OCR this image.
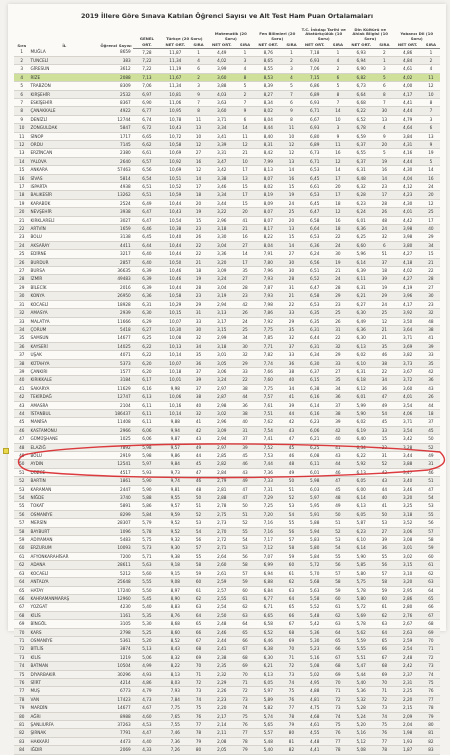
2019 İllere Göre Sınava Katılan Öğrenci Sayısı ve Alt Test Ham Puan Ortalamaları
Sıra	İL	Öğrenci Sayısı	GENEL	Türkçe (20 Soru)		Matematik (20 Soru)		Fen Bilimleri (20 Soru)		T.C. İnkılap Tarihi ve Atatürkçülük (10 Soru)		Din Kültürü ve Ahlak Bilgisi (10 Soru)		Yabancı Dil (10 Soru)	
			ORT.	NET ORT.	SIRA	NET ORT.	SIRA	NET ORT.	SIRA	NET ORT.	SIRA	NET ORT.	SIRA	NET ORT.	SIRA
1	MUĞLA	8659	7,28	11,87	1	4,49	1	8,76	1	7,18	1	6,93	2	4,86	1
2	TUNCELİ	383	7,22	11,34	4	4,02	3	8,65	2	6,93	4	6,94	1	4,84	2
3	GİRESUN	3612	7,22	11,19	6	3,99	4	8,55	3	7,06	2	6,90	3	4,61	4
4	RİZE	2088	7,13	11,67	2	3,60	8	8,53	4	7,15	6	6,82	5	4,02	11
5	TRABZON	8309	7,06	11,34	3	3,88	5	8,39	5	6,86	5	6,73	6	4,00	12
6	KIRŞEHİR	2532	6,97	10,81	9	4,03	2	8,27	7	6,89	8	6,64	8	4,17	10
7	ESKİŞEHİR	8367	6,90	11,06	7	3,63	7	8,34	6	6,93	7	6,68	7	4,41	8
8	ÇANAKKALE	4922	6,77	10,95	8	3,60	9	8,02	9	6,71	14	6,22	30	4,44	7
9	DENİZLİ	12744	6,74	10,78	11	3,71	6	8,04	8	6,67	10	6,52	13	4,79	3
10	ZONGULDAK	5847	6,72	10,43	13	3,34	14	8,44	11	6,93	3	6,78	4	4,64	6
11	SİNOP	1717	6,65	10,72	10	3,41	11	8,40	10	6,80	9	6,59	9	3,84	13
12	ORDU	7145	6,62	10,58	12	3,39	12	8,31	12	6,89	11	6,37	20	4,31	9
13	ERZİNCAN	2380	6,61	10,69	27	3,31	21	8,42	12	6,73	16	6,55	5	4,16	19
14	YALOVA	2640	6,57	10,92	16	3,47	10	7,99	13	6,71	12	6,37	19	4,44	5
15	ANKARA	57463	6,56	10,69	12	3,42	17	8,13	14	6,53	14	6,31	16	4,30	14
16	SİVAS	5814	6,54	10,51	14	3,38	13	8,07	16	6,45	17	6,48	14	4,04	16
17	ISPARTA	4938	6,51	10,52	17	3,46	15	8,02	15	6,61	20	6,32	23	4,12	24
18	BALIKESİR	13262	6,51	10,59	18	3,34	17	8,19	19	6,53	17	6,28	17	4,23	20
19	KARABÜK	2524	6,49	10,44	20	3,44	15	8,09	24	6,45	18	6,23	28	4,30	12
20	NEVŞEHİR	3938	6,47	10,43	19	3,22	20	8,07	25	6,47	12	6,24	26	4,01	25
21	KIRKLARELİ	3027	6,47	10,54	15	2,96	41	8,07	20	6,58	16	6,01	48	4,42	17
22	ARTVİN	1659	6,46	10,38	23	3,18	21	8,17	13	6,64	18	6,36	24	3,98	40
23	BOLU	3138	6,45	10,40	26	3,30	16	8,22	15	6,53	22	6,25	32	3,98	29
24	AKSARAY	4411	6,44	10,44	22	3,04	27	8,04	14	6,36	24	6,60	6	3,80	34
25	EDİRNE	3217	6,40	10,44	22	3,36	14	7,91	27	6,24	30	5,96	51	4,27	15
26	BURDUR	2857	6,40	10,50	21	3,20	17	7,80	30	6,56	19	6,14	37	4,18	21
27	BURSA	36635	6,39	10,46	18	3,09	35	7,96	30	6,51	21	6,39	18	4,02	22
28	İZMİR	49483	6,39	10,46	19	3,24	27	7,93	28	6,52	24	6,11	39	4,27	28
29	BİLECİK	2016	6,39	10,44	28	3,04	28	7,87	31	6,47	28	6,31	19	4,19	27
30	KONYA	26950	6,36	10,58	23	3,19	23	7,93	21	6,58	29	6,21	29	3,96	30
31	KOCAELİ	18928	6,31	10,29	29	2,94	42	7,98	22	6,53	23	6,27	24	4,17	23
32	AMASYA	2939	6,30	10,15	31	3,13	26	7,86	33	6,35	25	6,30	25	3,92	32
33	MALATYA	11666	6,29	10,07	33	3,17	24	7,92	29	6,35	26	6,49	12	3,50	48
34	ÇORUM	5418	6,27	10,30	30	3,15	25	7,75	35	6,31	31	6,36	21	3,64	38
35	SAMSUN	14677	6,25	10,08	32	2,99	34	7,85	32	6,44	22	6,30	21	3,71	41
36	KAYSERİ	14025	6,22	10,13	34	3,18	30	7,71	37	6,31	32	6,13	35	3,69	39
37	UŞAK	4071	6,22	10,14	35	3,01	32	7,82	33	6,34	29	6,02	46	3,82	33
38	KÜTAHYA	5373	6,20	10,07	36	3,05	29	7,74	36	6,30	33	6,10	38	3,73	35
39	ÇANKIRI	1577	6,20	10,18	37	3,06	33	7,66	38	6,37	27	6,31	22	3,67	42
40	KIRIKKALE	3184	6,17	10,01	39	3,24	22	7,60	40	6,15	35	6,18	34	3,72	36
41	SAKARYA	11629	6,16	9,98	37	2,97	38	7,75	34	6,38	34	6,12	36	3,60	43
42	TEKİRDAĞ	12747	6,13	10,06	38	2,87	44	7,57	41	6,16	36	6,01	47	4,01	26
43	AMASRA	2104	6,11	10,16	40	2,98	36	7,61	39	6,14	37	5,99	49	3,54	44
44	İSTANBUL	186437	6,11	10,14	32	3,02	38	7,51	44	6,16	38	5,90	54	4,06	18
45	MANİSA	11408	6,11	9,88	41	2,96	40	7,62	42	6,23	39	6,02	45	3,71	37
46	KASTAMONU	2966	6,06	9,94	42	3,09	31	7,54	43	6,06	42	6,19	33	3,54	45
47	GÜMÜŞHANE	1025	6,06	9,87	43	2,94	37	7,41	47	6,21	40	6,40	15	3,42	50
48	ELAZIĞ	7892	5,98	9,57	49	2,97	39	7,52	45	6,25	41	6,34	22	3,28	52
49	BOLU	2919	5,98	9,86	44	2,85	45	7,53	46	6,08	43	6,22	31	3,44	49
50	AYDIN	12541	5,97	9,84	45	2,82	46	7,44	48	6,11	44	5,92	52	3,88	31
51	DÜZCE	4517	5,93	9,73	47	2,84	43	7,36	49	6,01	46	6,13	42	3,47	46
52	BARTIN	1861	5,90	9,74	46	2,79	49	7,33	50	5,98	47	6,05	43	3,40	51
53	KARAMAN	2447	5,90	9,81	48	2,81	47	7,31	51	6,03	45	6,00	44	3,46	47
54	NİĞDE	3740	5,88	9,55	50	2,88	47	7,29	52	5,97	48	6,14	40	3,20	54
55	TOKAT	5891	5,86	9,57	51	2,78	50	7,25	53	5,95	49	6,13	41	3,25	53
56	OSMANİYE	8299	5,84	9,59	52	2,75	51	7,20	54	5,91	50	6,05	50	3,18	55
57	MERSİN	28307	5,79	9,52	53	2,73	52	7,16	55	5,88	51	5,87	53	3,52	56
58	BAYBURT	1096	5,78	9,52	54	2,70	55	7,16	56	5,94	52	6,23	27	3,06	57
59	ADIYAMAN	5483	5,75	9,32	56	2,72	54	7,17	57	5,83	53	6,10	39	3,08	58
60	ERZURUM	10093	5,73	9,30	57	2,71	53	7,12	58	5,80	54	6,14	36	3,01	59
61	AFYONKARAHİSAR	7200	5,71	9,38	55	2,64	56	7,07	59	5,84	55	5,90	55	3,02	60
62	ADANA	28611	5,63	9,18	58	2,60	58	6,99	60	5,72	56	5,85	56	3,15	61
63	KOCAELİ	5212	5,60	9,15	59	2,61	57	6,94	61	5,70	57	5,80	57	3,10	62
64	ANTALYA	25648	5,55	9,08	60	2,59	59	6,88	62	5,68	58	5,75	58	3,20	63
65	HATAY	17240	5,50	8,97	61	2,57	60	6,84	63	5,63	59	5,78	59	2,95	64
66	KAHRAMANMARAŞ	12960	5,45	8,90	62	2,55	61	6,77	64	5,58	60	5,80	60	2,86	65
67	YOZGAT	4230	5,40	8,83	63	2,54	62	6,71	65	5,52	61	5,72	61	2,80	66
68	KİLİS	1161	5,35	8,76	64	2,50	63	6,65	66	5,48	62	5,69	62	2,76	67
69	BİNGÖL	3105	5,30	8,68	65	2,48	64	6,58	67	5,42	63	5,78	63	2,67	68
70	KARS	2798	5,25	8,60	66	2,46	65	6,52	68	5,36	64	5,62	64	2,63	69
71	OSMANİYE	5361	5,20	8,52	67	2,44	66	6,46	69	5,30	65	5,59	65	2,59	70
72	BİTLİS	3874	5,13	8,43	68	2,41	67	6,38	70	5,23	66	5,55	66	2,54	71
73	KİLİS	1219	5,06	8,32	69	2,38	68	6,30	71	5,16	67	5,51	67	2,48	72
74	BATMAN	10504	4,99	8,22	70	2,35	69	6,21	72	5,08	68	5,47	68	2,42	73
75	DİYARBAKIR	30296	4,93	8,13	71	2,32	70	6,13	73	5,02	69	5,44	69	2,37	74
76	SİİRT	4214	4,86	8,03	72	2,29	71	6,05	74	4,95	70	5,40	70	2,31	75
77	MUŞ	6773	4,79	7,93	73	2,26	72	5,97	75	4,88	71	5,36	71	2,25	76
78	VAN	17423	4,73	7,84	74	2,23	73	5,89	76	4,81	72	5,32	72	2,20	77
79	MARDİN	14677	4,67	7,75	75	2,20	74	5,82	77	4,75	73	5,28	73	2,15	78
80	AĞRI	8988	4,60	7,65	76	2,17	75	5,74	78	4,68	74	5,24	74	2,09	79
81	ŞANLIURFA	37263	4,53	7,55	77	2,14	76	5,65	79	4,61	75	5,20	75	2,04	80
82	ŞIRNAK	7791	4,47	7,46	78	2,11	77	5,57	80	4,55	76	5,16	76	1,98	81
83	HAKKARİ	4473	4,40	7,36	79	2,08	78	5,48	81	4,48	77	5,12	77	1,93	82
84	IĞDIR	2069	4,33	7,26	80	2,05	79	5,40	82	4,41	78	5,08	78	1,87	83
